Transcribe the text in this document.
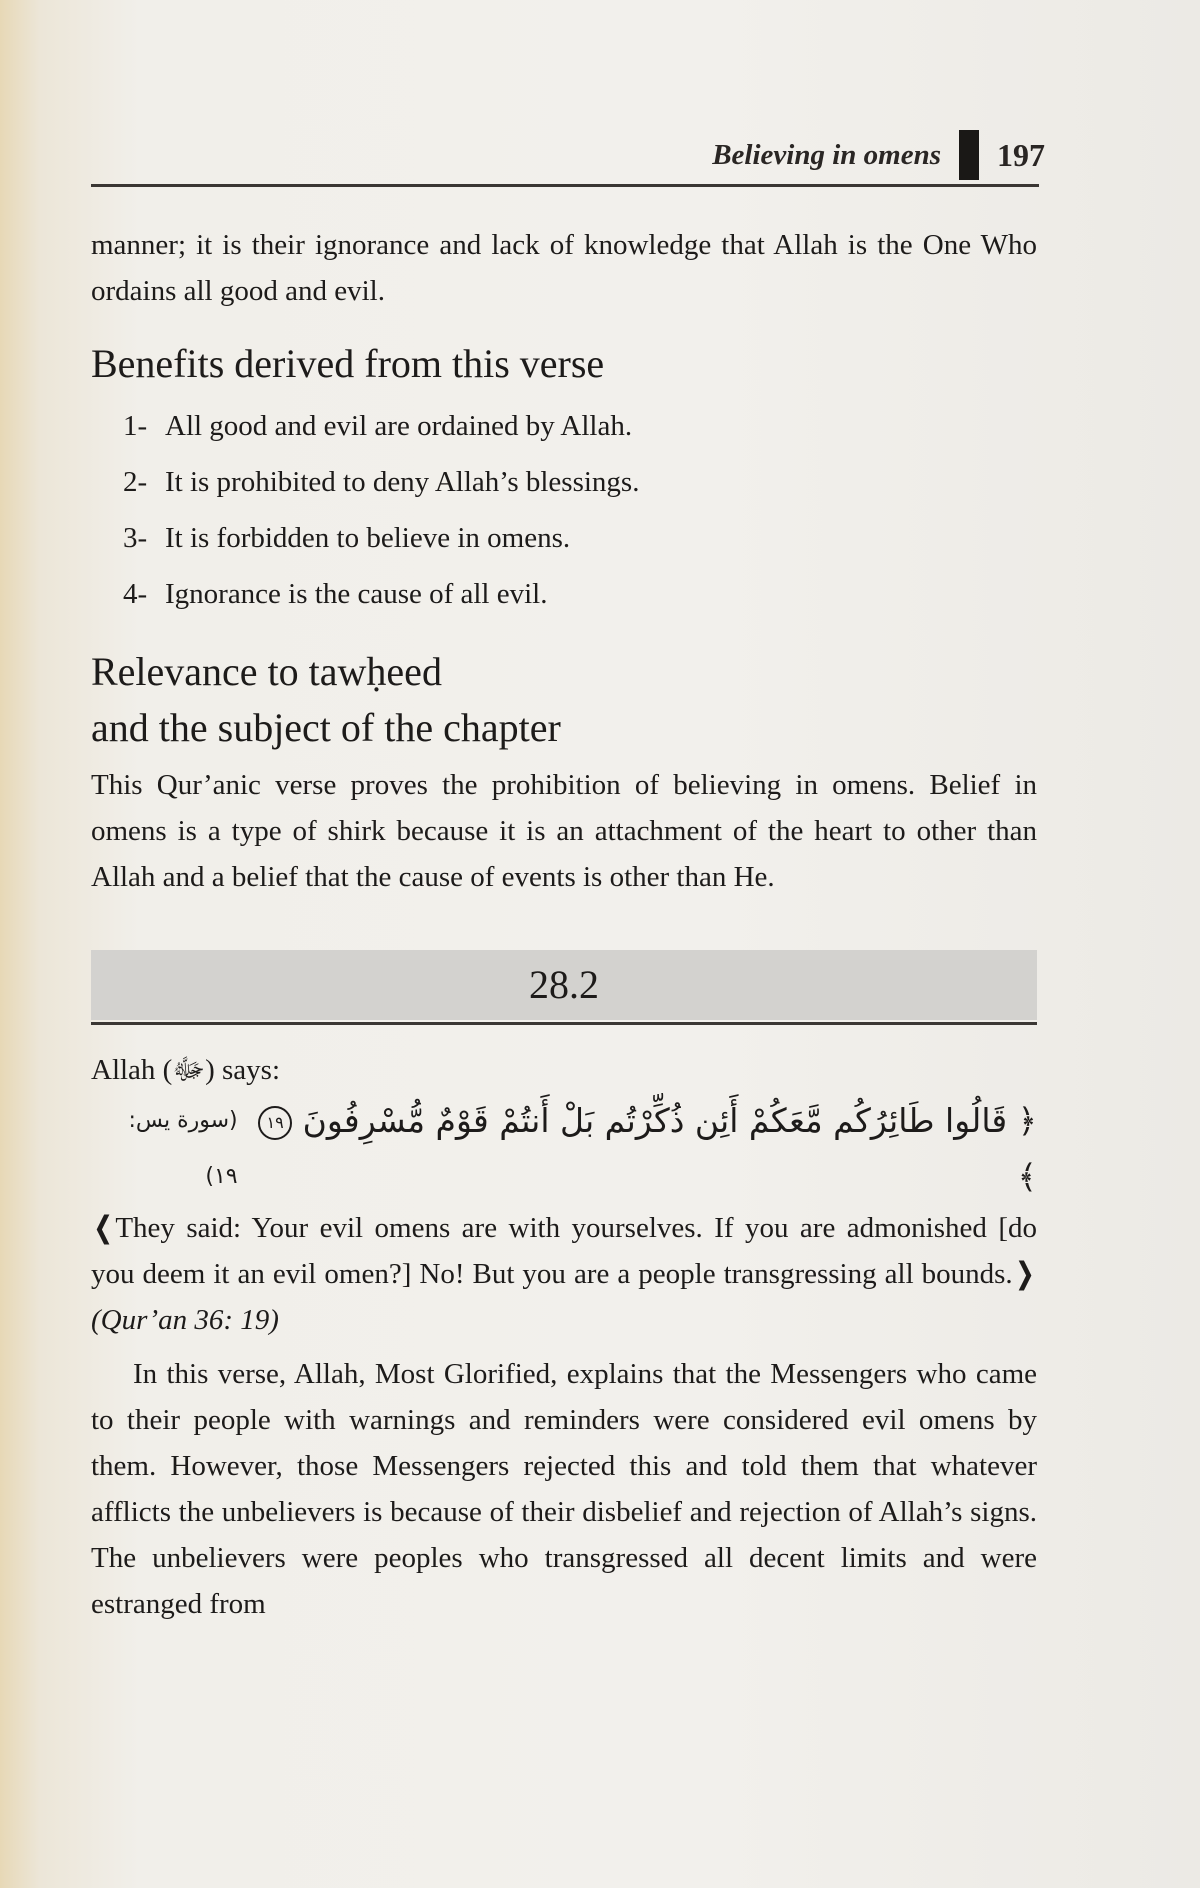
Believing in omens 197

manner; it is their ignorance and lack of knowledge that Allah is the One Who ordains all good and evil.

Benefits derived from this verse
1- All good and evil are ordained by Allah.
2- It is prohibited to deny Allah’s blessings.
3- It is forbidden to believe in omens.
4- Ignorance is the cause of all evil.
Relevance to tawḥeed
and the subject of the chapter

This Qur’anic verse proves the prohibition of believing in omens. Belief in omens is a type of shirk because it is an attachment of the heart to other than Allah and a belief that the cause of events is other than He.

28.2

Allah (ﷻ) says:

(سورة يس: ١٩)
﴿ قَالُوا طَائِرُكُم مَّعَكُمْ أَئِن ذُكِّرْتُم بَلْ أَنتُمْ قَوْمٌ مُّسْرِفُونَ ١٩ ﴾

❬They said: Your evil omens are with yourselves. If you are admonished [do you deem it an evil omen?] No! But you are a people transgressing all bounds.❭ (Qur’an 36: 19)

In this verse, Allah, Most Glorified, explains that the Messengers who came to their people with warnings and reminders were considered evil omens by them. However, those Messengers rejected this and told them that whatever afflicts the unbelievers is because of their disbelief and rejection of Allah’s signs. The unbelievers were peoples who transgressed all decent limits and were estranged from
